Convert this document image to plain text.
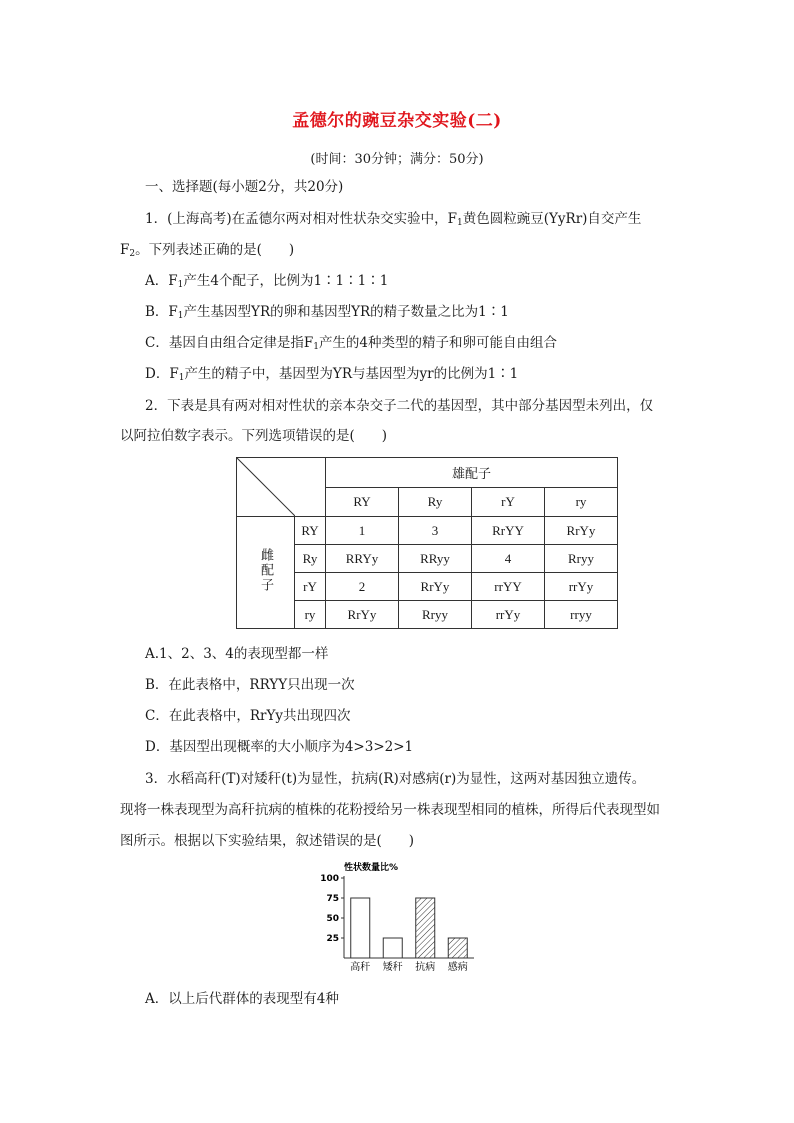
孟德尔的豌豆杂交实验(二)
(时间：30分钟；满分：50分)
一、选择题(每小题2分，共20分)
1．(上海高考)在孟德尔两对相对性状杂交实验中，$F_1$黄色圆粒豌豆(YyRr)自交产生
$F_2$。下列表述正确的是(　　)
A．$F_1$产生4个配子，比例为1∶1∶1∶1
B．$F_1$产生基因型YR的卵和基因型YR的精子数量之比为1∶1
C．基因自由组合定律是指$F_1$产生的4种类型的精子和卵可能自由组合
D．$F_1$产生的精子中，基因型为YR与基因型为yr的比例为1∶1
2．下表是具有两对相对性状的亲本杂交子二代的基因型，其中部分基因型未列出，仅
以阿拉伯数字表示。下列选项错误的是(　　)
	雄配子			
		RY	Ry	rY	ry
雌配子	RY	1	3	RrYY	RrYy
	Ry	RRYy	RRyy	4	Rryy
	rY	2	RrYy	rrYY	rrYy
	ry	RrYy	Rryy	rrYy	rryy
A.1、2、3、4的表现型都一样
B．在此表格中，RRYY只出现一次
C．在此表格中，RrYy共出现四次
D．基因型出现概率的大小顺序为4>3>2>1
3．水稻高秆(T)对矮秆(t)为显性，抗病(R)对感病(r)为显性，这两对基因独立遗传。
现将一株表现型为高秆抗病的植株的花粉授给另一株表现型相同的植株，所得后代表现型如
图所示。根据以下实验结果，叙述错误的是(　　)
性状数量比%
25
50
75
100
高秆 矮秆 抗病 感病
A．以上后代群体的表现型有4种
